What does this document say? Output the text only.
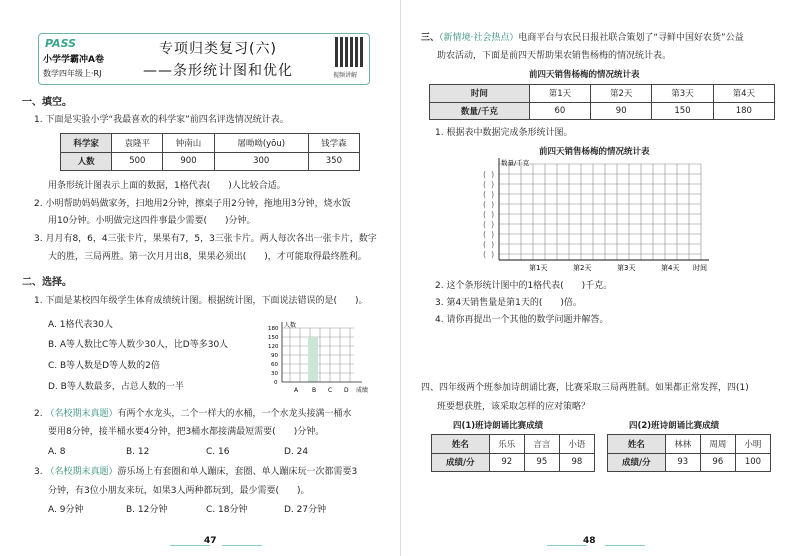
PASS
小学学霸冲A卷
数学四年级上·RJ
专项归类复习(六)
——条形统计图和优化	视频讲解
一、填空。
1. 下面是实验小学“我最喜欢的科学家”前四名评选情况统计表。
科学家	袁隆平	钟南山	屠呦呦(yōu)	钱学森
人数	500	900	300	350
用条形统计图表示上面的数据，1格代表(　　)人比较合适。
2. 小明帮助妈妈做家务，扫地用2分钟，擦桌子用2分钟，拖地用3分钟，烧水饭
用10分钟。小明做完这四件事最少需要(　　)分钟。
3. 月月有8，6，4三张卡片，果果有7，5，3三张卡片。两人每次各出一张卡片，数字
大的胜，三局两胜。第一次月月出8，果果必须出(　　)，才可能取得最终胜利。
二、选择。
1. 下面是某校四年级学生体育成绩统计图。根据统计图，下面说法错误的是(　　)。
A. 1格代表30人
B. A等人数比C等人数少30人，比D等多30人
C. B等人数是D等人数的2倍
D. B等人数最多，占总人数的一半
人数
180
150
120
90
60
30
0
A B C D 成绩
2. （名校期末真题）有两个水龙头，二个一样大的水桶，一个水龙头接满一桶水
要用8分钟，接半桶水要4分钟，把3桶水都接满最短需要(　　)分钟。
A. 8	B. 12	C. 16	D. 24
3. （名校期末真题）游乐场上有套圈和单人蹦床，套圈、单人蹦床玩一次都需要3
分钟，有3位小朋友来玩，如果3人两种都玩到，最少需要(　　)。
A. 9分钟	B. 12分钟	C. 18分钟	D. 27分钟
47
三、（新情境·社会热点）电商平台与农民日报社联合策划了“寻鲜中国好农货”公益
助农活动，下面是前四天帮助果农销售杨梅的情况统计表。
前四天销售杨梅的情况统计表
时间	第1天	第2天	第3天	第4天
数量/千克	60	90	150	180
1. 根据表中数据完成条形统计图。
前四天销售杨梅的情况统计表
数量/千克
( )
( )
( )
( )
( )
( )
( )
( )
( )
第1天	第2天	第3天	第4天 时间
2. 这个条形统计图中的1格代表(　　)千克。
3. 第4天销售量是第1天的(　　)倍。
4. 请你再提出一个其他的数学问题并解答。
四、四年级两个班参加诗朗诵比赛，比赛采取三局两胜制。如果都正常发挥，四(1)
班要想获胜，该采取怎样的应对策略？
四(1)班诗朗诵比赛成绩
姓名	乐乐	言言	小语
成绩/分	92	95	98
四(2)班诗朗诵比赛成绩
姓名	林林	周周	小明
成绩/分	93	96	100
48
